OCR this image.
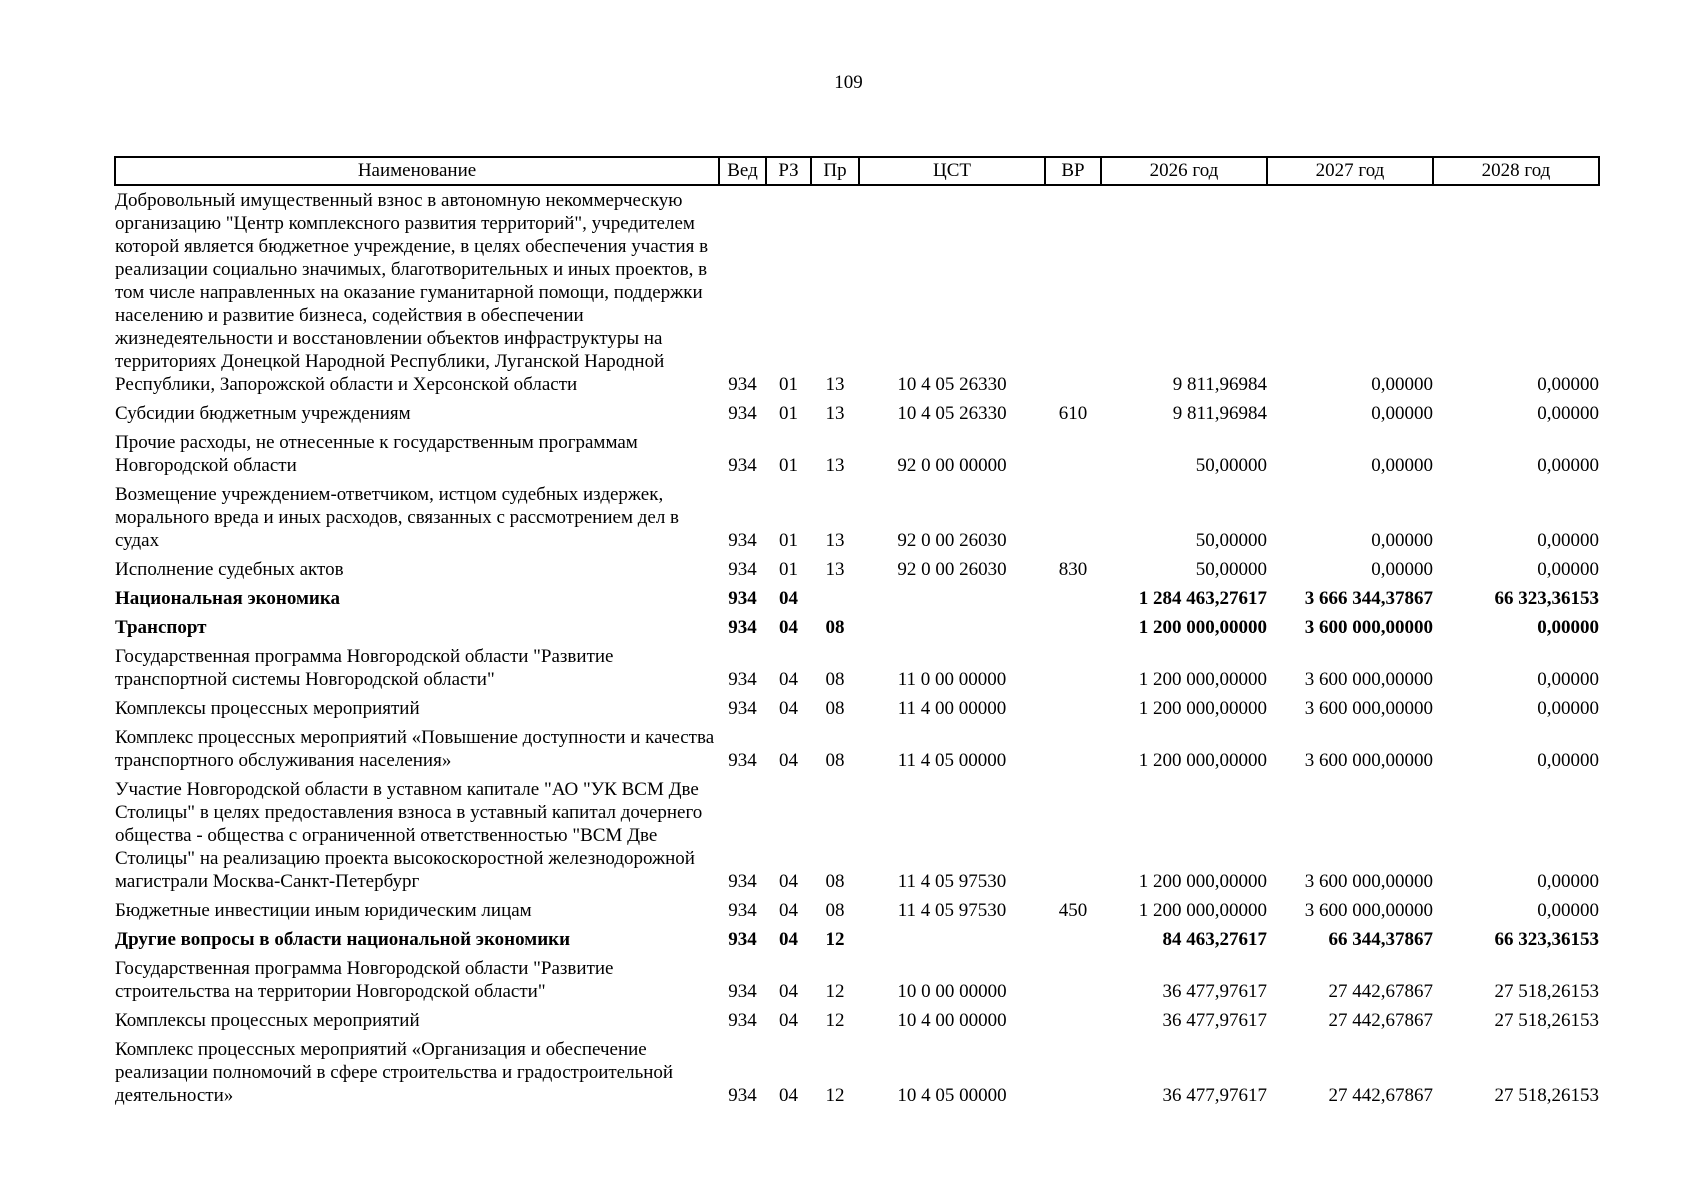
109
Наименование	Вед	РЗ	Пр	ЦСТ	ВР	2026 год	2027 год	2028 год
Добровольный имущественный взнос в автономную некоммерческую организацию "Центр комплексного развития территорий", учредителем которой является бюджетное учреждение, в целях обеспечения участия в реализации социально значимых, благотворительных и иных проектов, в том числе направленных на оказание гуманитарной помощи, поддержки населению и развитие бизнеса, содействия в обеспечении жизнедеятельности и восстановлении объектов инфраструктуры на территориях Донецкой Народной Республики, Луганской Народной Республики, Запорожской области и Херсонской области	934	01	13	10 4 05 26330		9 811,96984	0,00000	0,00000
Субсидии бюджетным учреждениям	934	01	13	10 4 05 26330	610	9 811,96984	0,00000	0,00000
Прочие расходы, не отнесенные к государственным программам Новгородской области	934	01	13	92 0 00 00000		50,00000	0,00000	0,00000
Возмещение учреждением-ответчиком, истцом судебных издержек, морального вреда и иных расходов, связанных с рассмотрением дел в судах	934	01	13	92 0 00 26030		50,00000	0,00000	0,00000
Исполнение судебных актов	934	01	13	92 0 00 26030	830	50,00000	0,00000	0,00000
Национальная экономика	934	04				1 284 463,27617	3 666 344,37867	66 323,36153
Транспорт	934	04	08			1 200 000,00000	3 600 000,00000	0,00000
Государственная программа Новгородской области "Развитие транспортной системы Новгородской области"	934	04	08	11 0 00 00000		1 200 000,00000	3 600 000,00000	0,00000
Комплексы процессных мероприятий	934	04	08	11 4 00 00000		1 200 000,00000	3 600 000,00000	0,00000
Комплекс процессных мероприятий «Повышение доступности и качества транспортного обслуживания населения»	934	04	08	11 4 05 00000		1 200 000,00000	3 600 000,00000	0,00000
Участие Новгородской области в уставном капитале "АО "УК ВСМ Две Столицы" в целях предоставления взноса в уставный капитал дочернего общества - общества с ограниченной ответственностью "ВСМ Две Столицы" на реализацию проекта высокоскоростной железнодорожной магистрали Москва-Санкт-Петербург	934	04	08	11 4 05 97530		1 200 000,00000	3 600 000,00000	0,00000
Бюджетные инвестиции иным юридическим лицам	934	04	08	11 4 05 97530	450	1 200 000,00000	3 600 000,00000	0,00000
Другие вопросы в области национальной экономики	934	04	12			84 463,27617	66 344,37867	66 323,36153
Государственная программа Новгородской области "Развитие строительства на территории Новгородской области"	934	04	12	10 0 00 00000		36 477,97617	27 442,67867	27 518,26153
Комплексы процессных мероприятий	934	04	12	10 4 00 00000		36 477,97617	27 442,67867	27 518,26153
Комплекс процессных мероприятий «Организация и обеспечение реализации полномочий в сфере строительства и градостроительной деятельности»	934	04	12	10 4 05 00000		36 477,97617	27 442,67867	27 518,26153
